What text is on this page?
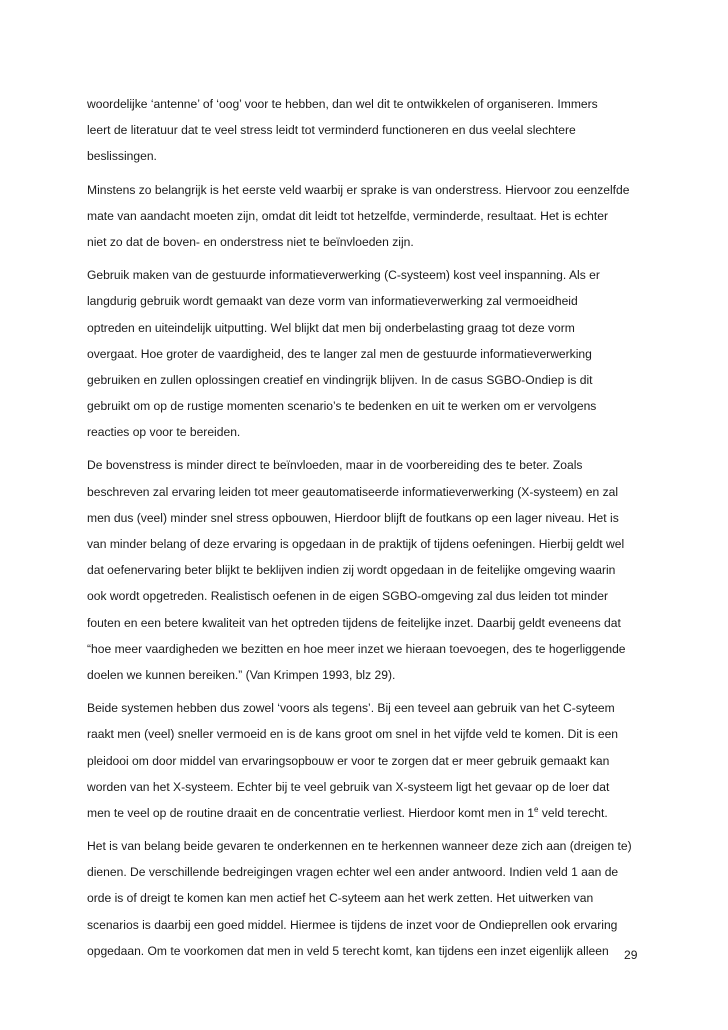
woordelijke ‘antenne’ of ‘oog’ voor te hebben, dan wel dit te ontwikkelen of organiseren. Immers
leert de literatuur dat te veel stress leidt tot verminderd functioneren en dus veelal slechtere
beslissingen.
Minstens zo belangrijk is het eerste veld waarbij er sprake is van onderstress. Hiervoor zou eenzelfde
mate van aandacht moeten zijn, omdat dit leidt tot hetzelfde, verminderde, resultaat. Het is echter
niet zo dat de boven- en onderstress niet te beïnvloeden zijn.
Gebruik maken van de gestuurde informatieverwerking (C-systeem) kost veel inspanning. Als er
langdurig gebruik wordt gemaakt van deze vorm van informatieverwerking zal vermoeidheid
optreden en uiteindelijk uitputting. Wel blijkt dat men bij onderbelasting graag tot deze vorm
overgaat. Hoe groter de vaardigheid, des te langer zal men de gestuurde informatieverwerking
gebruiken en zullen oplossingen creatief en vindingrijk blijven. In de casus SGBO-Ondiep is dit
gebruikt om op de rustige momenten scenario’s te bedenken en uit te werken om er vervolgens
reacties op voor te bereiden.
De bovenstress is minder direct te beïnvloeden, maar in de voorbereiding des te beter. Zoals
beschreven zal ervaring leiden tot meer geautomatiseerde informatieverwerking (X-systeem) en zal
men dus (veel) minder snel stress opbouwen, Hierdoor blijft de foutkans op een lager niveau. Het is
van minder belang of deze ervaring is opgedaan in de praktijk of tijdens oefeningen. Hierbij geldt wel
dat oefenervaring beter blijkt te beklijven indien zij wordt opgedaan in de feitelijke omgeving waarin
ook wordt opgetreden. Realistisch oefenen in de eigen SGBO-omgeving zal dus leiden tot minder
fouten en een betere kwaliteit van het optreden tijdens de feitelijke inzet. Daarbij geldt eveneens dat
“hoe meer vaardigheden we bezitten en hoe meer inzet we hieraan toevoegen, des te hogerliggende
doelen we kunnen bereiken.” (Van Krimpen 1993, blz 29).
Beide systemen hebben dus zowel ‘voors als tegens’. Bij een teveel aan gebruik van het C-syteem
raakt men (veel) sneller vermoeid en is de kans groot om snel in het vijfde veld te komen. Dit is een
pleidooi om door middel van ervaringsopbouw er voor te zorgen dat er meer gebruik gemaakt kan
worden van het X-systeem. Echter bij te veel gebruik van X-systeem ligt het gevaar op de loer dat
men te veel op de routine draait en de concentratie verliest. Hierdoor komt men in 1e veld terecht.
Het is van belang beide gevaren te onderkennen en te herkennen wanneer deze zich aan (dreigen te)
dienen. De verschillende bedreigingen vragen echter wel een ander antwoord. Indien veld 1 aan de
orde is of dreigt te komen kan men actief het C-syteem aan het werk zetten. Het uitwerken van
scenarios is daarbij een goed middel. Hiermee is tijdens de inzet voor de Ondieprellen ook ervaring
opgedaan. Om te voorkomen dat men in veld 5 terecht komt, kan tijdens een inzet eigenlijk alleen	29
